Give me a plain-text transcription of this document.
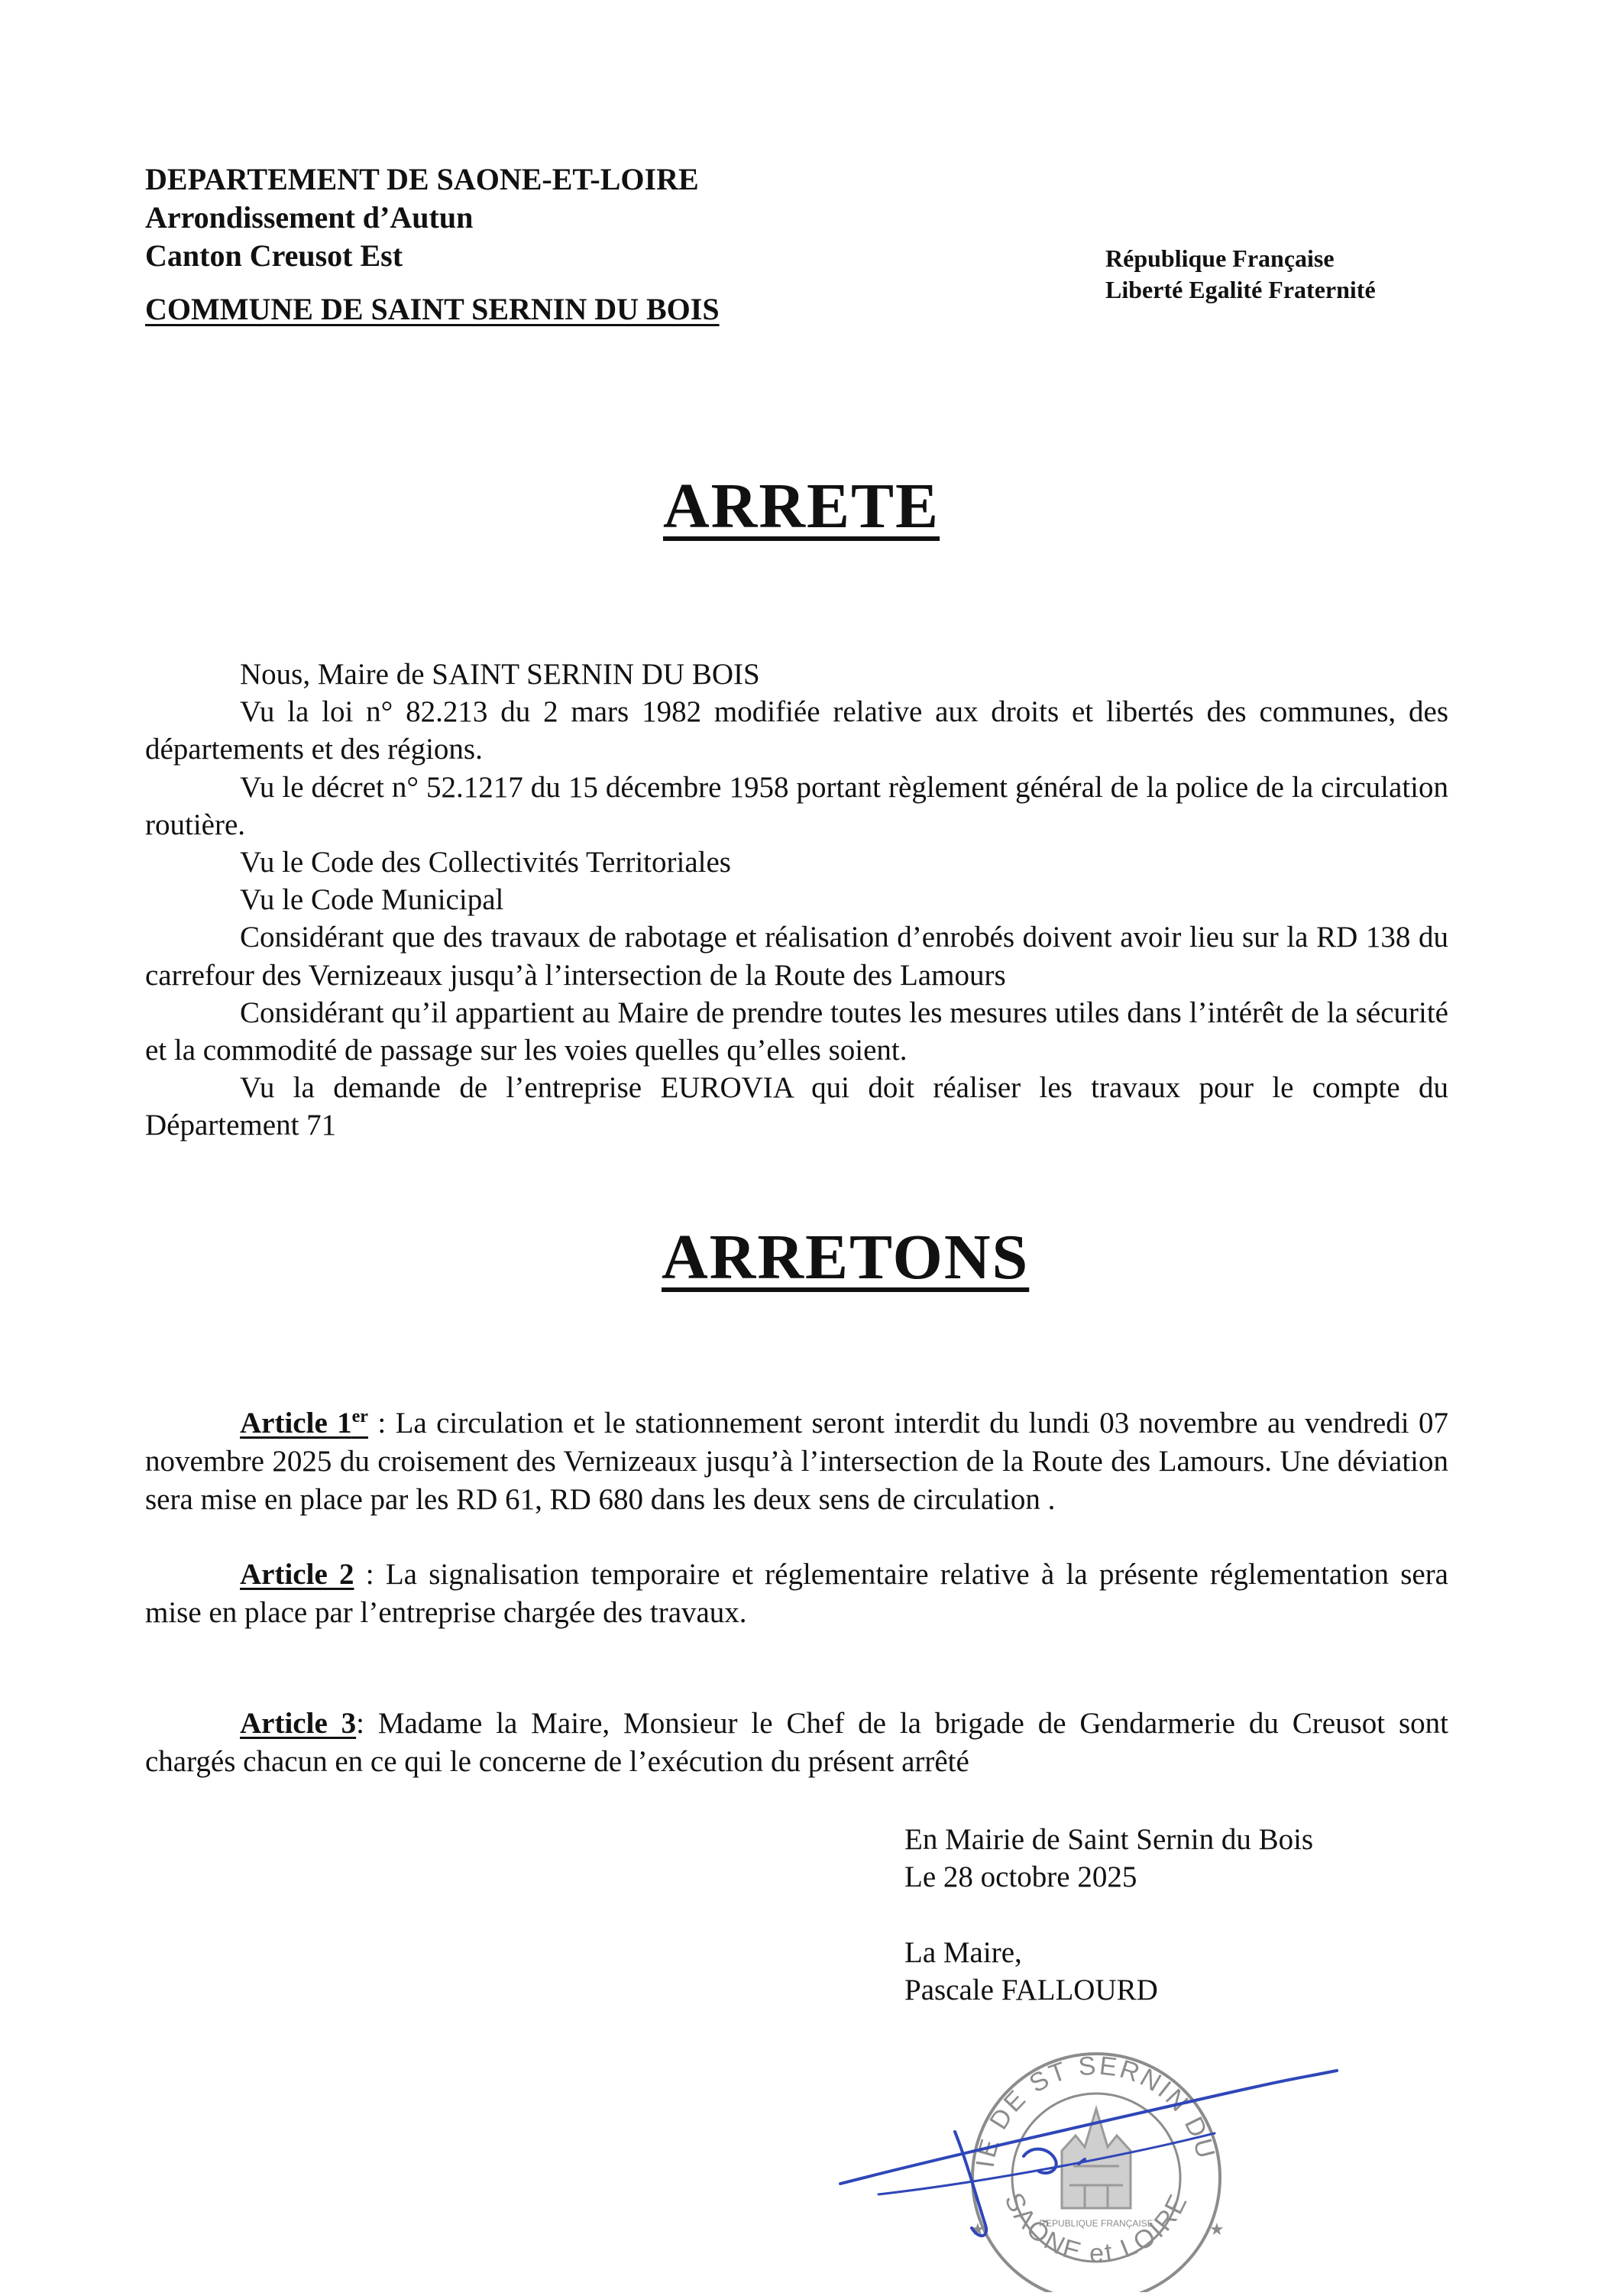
DEPARTEMENT DE SAONE-ET-LOIRE
Arrondissement d’Autun
Canton Creusot Est
COMMUNE DE SAINT SERNIN DU BOIS
République Française
Liberté Egalité Fraternité
ARRETE

Nous, Maire de SAINT SERNIN DU BOIS

Vu la loi n° 82.213 du 2 mars 1982 modifiée relative aux droits et libertés des communes, des départements et des régions.

Vu le décret n° 52.1217 du 15 décembre 1958 portant règlement général de la police de la circulation routière.

Vu le Code des Collectivités Territoriales

Vu le Code Municipal

Considérant que des travaux de rabotage et réalisation d’enrobés doivent avoir lieu sur la RD 138 du carrefour des Vernizeaux jusqu’à l’intersection de la Route des Lamours

Considérant qu’il appartient au Maire de prendre toutes les mesures utiles dans l’intérêt de la sécurité et la commodité de passage sur les voies quelles qu’elles soient.

Vu la demande de l’entreprise EUROVIA qui doit réaliser les travaux pour le compte du Département 71

ARRETONS

Article 1er : La circulation et le stationnement seront interdit du lundi 03 novembre au vendredi 07 novembre 2025 du croisement des Vernizeaux jusqu’à l’intersection de la Route des Lamours. Une déviation sera mise en place par les RD 61, RD 680 dans les deux sens de circulation .

Article 2 : La signalisation temporaire et réglementaire relative à la présente réglementation sera mise en place par l’entreprise chargée des travaux.

Article 3: Madame la Maire, Monsieur le Chef de la brigade de Gendarmerie du Creusot sont chargés chacun en ce qui le concerne de l’exécution du présent arrêté

En Mairie de Saint Sernin du Bois
Le 28 octobre 2025
La Maire,
Pascale FALLOURD
IE DE ST SERNIN DU
SAÔNE et LOIRE
★	★
REPUBLIQUE FRANÇAISE
